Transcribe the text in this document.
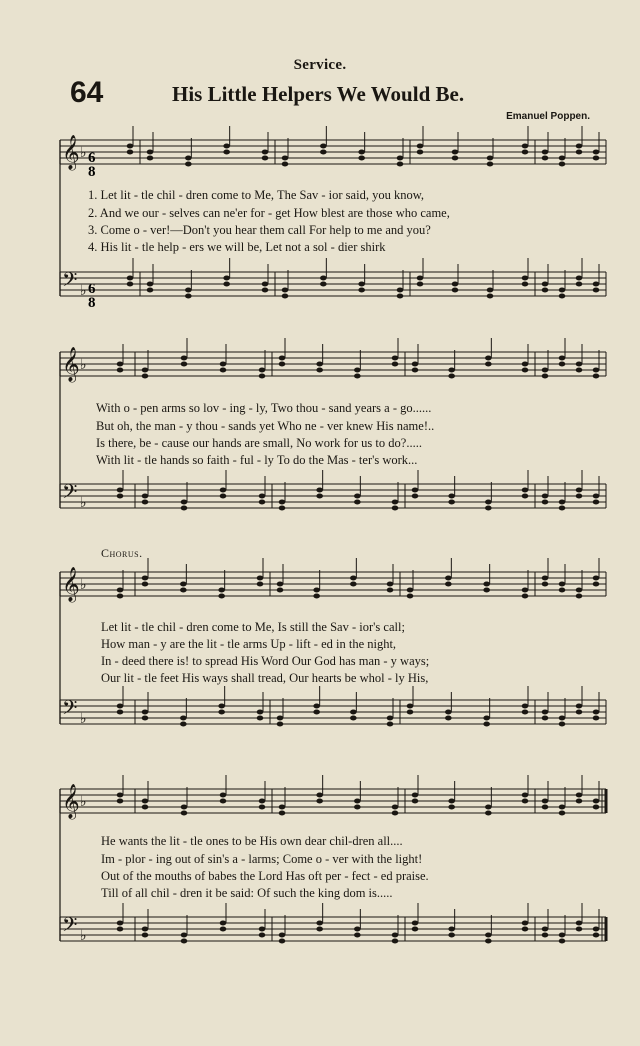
Service.
64	His Little Helpers We Would Be.
Emanuel Poppen.
Chorus.
6
8
6
8
𝄞 ♭
𝄢 ♭
𝄞 ♭
𝄢 ♭
𝄞 ♭
𝄢 ♭
𝄞 ♭
𝄢 ♭
1. Let lit - tle chil - dren come to Me, The Sav - ior said, you know,
2. And we our - selves can ne'er for - get How blest are those who came,
3. Come o - ver!—Don't you hear them call For help to me and you?
4. His lit - tle help - ers we will be, Let not a sol - dier shirk
With o - pen arms so lov - ing - ly, Two thou - sand years a - go......
But oh, the man - y thou - sands yet Who ne - ver knew His name!..
Is there, be - cause our hands are small, No work for us to do?.....
With lit - tle hands so faith - ful - ly To do the Mas - ter's work...
Let lit - tle chil - dren come to Me, Is still the Sav - ior's call;
How man - y are the lit - tle arms Up - lift - ed in the night,
In - deed there is! to spread His Word Our God has man - y ways;
Our lit - tle feet His ways shall tread, Our hearts be whol - ly His,
He wants the lit - tle ones to be His own dear chil-dren all....
Im - plor - ing out of sin's a - larms; Come o - ver with the light!
Out of the mouths of babes the Lord Has oft per - fect - ed praise.
Till of all chil - dren it be said: Of such the king dom is.....
